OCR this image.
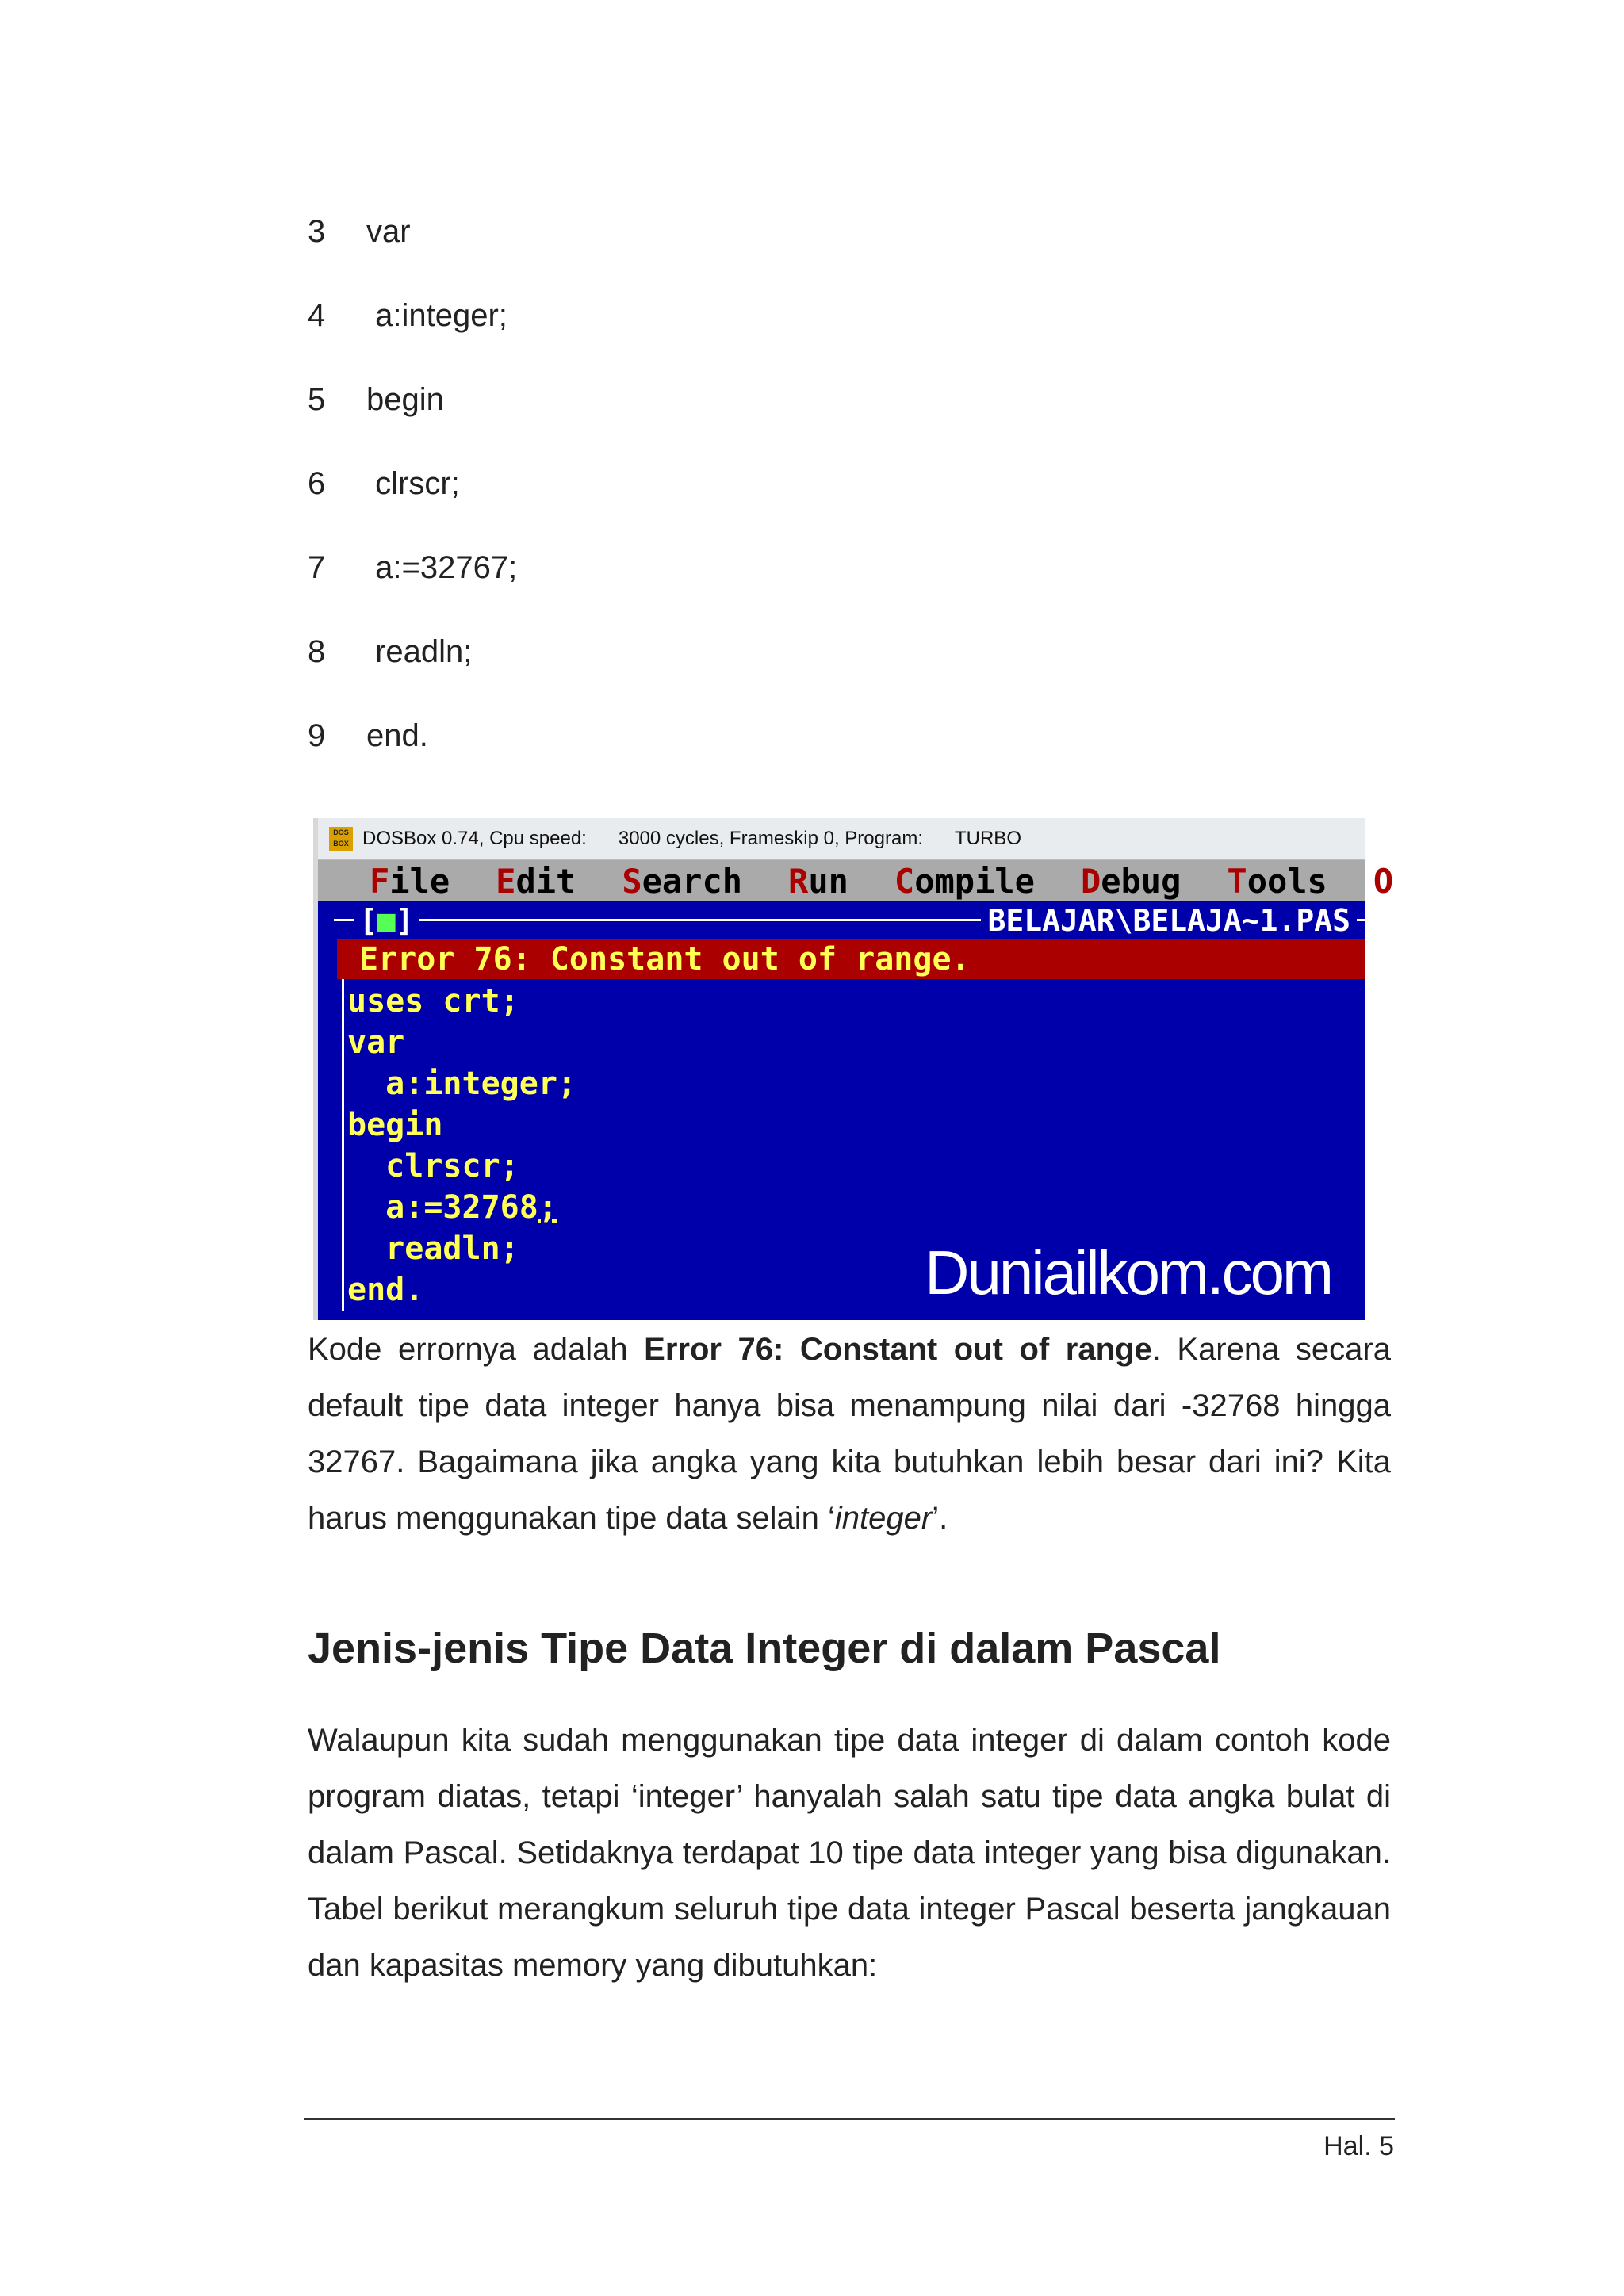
3	var
4	a:integer;
5	begin
6	clrscr;
7	a:=32767;
8	readln;
9	end.
DOS
BOX DOSBox 0.74, Cpu speed: 3000 cycles, Frameskip 0, Program: TURBO
File Edit Search Run Compile Debug Tools O
[■]	BELAJAR\BELAJA~1.PAS
Error 76: Constant out of range.
uses crt;
var
a:integer;
begin
clrscr;
a:=32768;
readln;
end.	Duniailkom.com
Kode errornya adalah Error 76: Constant out of range. Karena secara default tipe data integer hanya bisa menampung nilai dari -32768 hingga 32767. Bagaimana jika angka yang kita butuhkan lebih besar dari ini? Kita harus menggunakan tipe data selain ‘integer’.
Jenis-jenis Tipe Data Integer di dalam Pascal
Walaupun kita sudah menggunakan tipe data integer di dalam contoh kode program diatas, tetapi ‘integer’ hanyalah salah satu tipe data angka bulat di dalam Pascal. Setidaknya terdapat 10 tipe data integer yang bisa digunakan. Tabel berikut merangkum seluruh tipe data integer Pascal beserta jangkauan dan kapasitas memory yang dibutuhkan:
Hal. 5
